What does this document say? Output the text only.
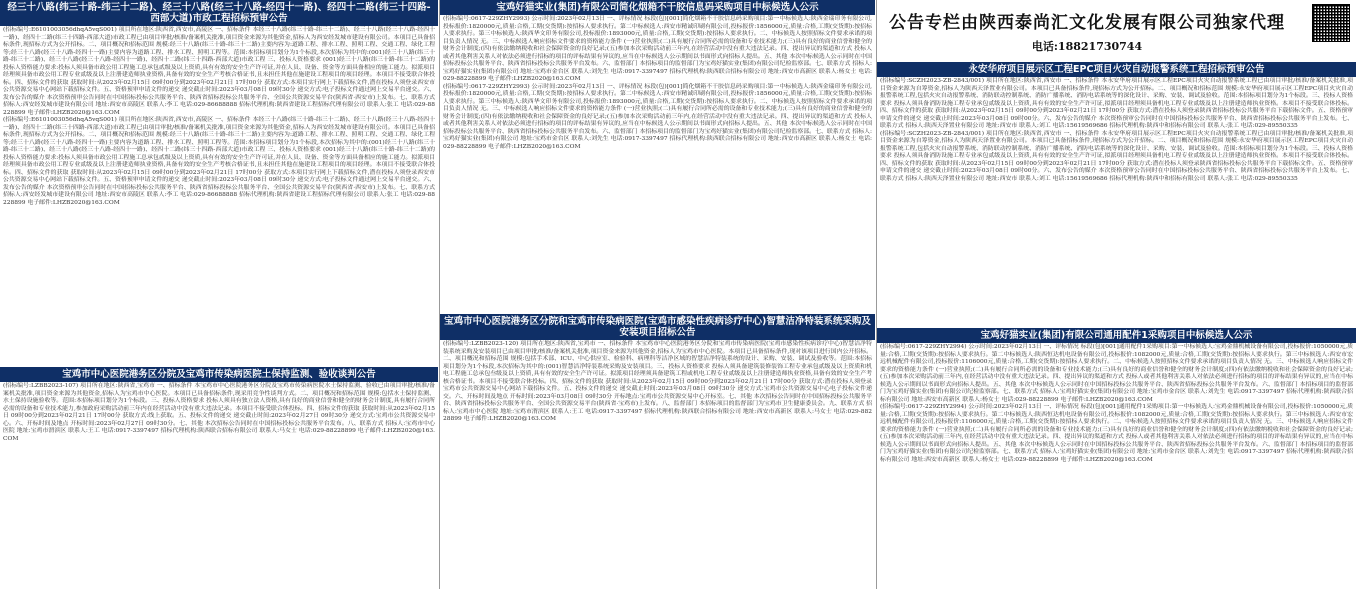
经三十八路(纬三十路-纬三十二路)、经三十八路(经三十八路-经四十一路)、经四十二路(纬三十四路-西部大道)市政工程招标预审公告

(招标编号:E6101003056dhqA5vqS001) 项目所在地区:陕西省,西安市,高陵区 一、招标条件 本经三十八路(纬三十路-纬三十二路)、经三十八路(经三十八路-经四十一路)、经四十二路(纬三十四路-西部大道)市政工程已由项目审批/核准/备案机关批准,项目资金来源为其他资金,招标人为西安经发城市建设有限公司。本项目已具备招标条件,现招标方式为公开招标。二、项目概况和招标范围 规模:经三十八路(纬三十路-纬三十二路)主要内容为:道路工程、排水工程、照明工程、交通工程、绿化工程等;经三十八路(经三十八路-经四十一路)主要内容为道路工程、排水工程、照明工程等。范围:本招标项目划分为1个标段,本次招标为其中的:(001)经三十八路(纬三十路-纬三十二路)、经三十八路(经三十八路-经四十一路)、经四十二路(纬三十四路-西部大道)市政工程 三、投标人资格要求 (001)经三十八路(纬三十路-纬三十二路)的投标人资格能力要求:投标人须具备市政公用工程施工总承包贰级及以上资质,具有有效的安全生产许可证,并在人员、设备、资金等方面具备相应的施工能力。拟派项目经理须具备市政公用工程专业贰级及以上注册建造师执业资格,具备有效的安全生产考核合格证书,且未担任其他在施建设工程项目的项目经理。本项目不接受联合体投标。四、招标文件的获取 获取时间:从2023年02月15日 09时00分到2023年02月21日 17时00分 获取方式:本项目实行网上下载招标文件,潜在投标人须登录西安市公共资源交易中心网站下载招标文件。五、资格预审申请文件的递交 递交截止时间:2023年03月08日 09时30分 递交方式:电子投标文件通过网上交易平台递交。六、发布公告的媒介 本次资格预审公告同时在中国招标投标公共服务平台、陕西省招标投标公共服务平台、全国公共资源交易平台(陕西省·西安市)上发布。七、联系方式 招标人:西安经发城市建设有限公司 地址:西安市高陵区 联系人:李工 电话:029-86688888 招标代理机构:陕西省建设工程招标代理有限公司 联系人:张工 电话:029-88228899 电子邮件:LHZB2020@163.COM

(招标编号:E6101003056dhqA5vqS001) 项目所在地区:陕西省,西安市,高陵区 一、招标条件 本经三十八路(纬三十路-纬三十二路)、经三十八路(经三十八路-经四十一路)、经四十二路(纬三十四路-西部大道)市政工程已由项目审批/核准/备案机关批准,项目资金来源为其他资金,招标人为西安经发城市建设有限公司。本项目已具备招标条件,现招标方式为公开招标。二、项目概况和招标范围 规模:经三十八路(纬三十路-纬三十二路)主要内容为:道路工程、排水工程、照明工程、交通工程、绿化工程等;经三十八路(经三十八路-经四十一路)主要内容为道路工程、排水工程、照明工程等。范围:本招标项目划分为1个标段,本次招标为其中的:(001)经三十八路(纬三十路-纬三十二路)、经三十八路(经三十八路-经四十一路)、经四十二路(纬三十四路-西部大道)市政工程 三、投标人资格要求 (001)经三十八路(纬三十路-纬三十二路)的投标人资格能力要求:投标人须具备市政公用工程施工总承包贰级及以上资质,具有有效的安全生产许可证,并在人员、设备、资金等方面具备相应的施工能力。拟派项目经理须具备市政公用工程专业贰级及以上注册建造师执业资格,具备有效的安全生产考核合格证书,且未担任其他在施建设工程项目的项目经理。本项目不接受联合体投标。四、招标文件的获取 获取时间:从2023年02月15日 09时00分到2023年02月21日 17时00分 获取方式:本项目实行网上下载招标文件,潜在投标人须登录西安市公共资源交易中心网站下载招标文件。五、资格预审申请文件的递交 递交截止时间:2023年03月08日 09时30分 递交方式:电子投标文件通过网上交易平台递交。六、发布公告的媒介 本次资格预审公告同时在中国招标投标公共服务平台、陕西省招标投标公共服务平台、全国公共资源交易平台(陕西省·西安市)上发布。七、联系方式 招标人:西安经发城市建设有限公司 地址:西安市高陵区 联系人:李工 电话:029-86688888 招标代理机构:陕西省建设工程招标代理有限公司 联系人:张工 电话:029-88228899 电子邮件:LHZB2020@163.COM

宝鸡市中心医院港务区分院及宝鸡市传染病医院土保持监测、验收谈判公告

(招标编号:LZBB2023-107) 项目所在地区:陕西省,宝鸡市 一、招标条件 本宝鸡市中心医院港务区分院及宝鸡市传染病医院水土保持监测、验收已由项目审批/核准/备案机关批准,项目资金来源为其他资金,招标人为宝鸡市中心医院。本项目已具备招标条件,现采用竞争性谈判方式。二、项目概况和招标范围 规模:包括水土保持监测、水土保持设施验收等。范围:本招标项目划分为1个标段。三、投标人资格要求 投标人须具有独立法人资格,具有良好的商业信誉和健全的财务会计制度,具有履行合同所必需的设备和专业技术能力,参加政府采购活动前三年内在经营活动中没有重大违法记录。本项目不接受联合体投标。四、招标文件的获取 获取时间:从2023年02月15日 09时00分到2023年02月21日 17时00分 获取方式:线上获取。五、投标文件的递交 递交截止时间:2023年02月27日 09时30分 递交方式:宝鸡市公共资源交易中心。六、开标时间及地点 开标时间:2023年02月27日 09时30分。七、其他 本次招标公告同时在中国招标投标公共服务平台发布。八、联系方式 招标人:宝鸡市中心医院 地址:宝鸡市渭滨区 联系人:王工 电话:0917-3397497 招标代理机构:陕西联合招标有限公司 联系人:马女士 电话:029-88228899 电子邮件:LHZB2020@163.COM

宝鸡好猫实业(集团)有限公司简化烟箱不干胶信息码采购项目中标候选人公示

(招标编号:0617-229ZHY2993) 公示时间:2023年02月13日 一、评标情况 标段(包)[001]简化烟箱不干胶信息码采购项目:第一中标候选人:陕西金瑞印务有限公司,投标报价:1820000元,质量:合格,工期(交货期):按招标人要求执行。第二中标候选人:西安市精诚印刷有限公司,投标报价:1856000元,质量:合格,工期(交货期):按招标人要求执行。第三中标候选人:陕西华文印务有限公司,投标报价:1893000元,质量:合格,工期(交货期):按招标人要求执行。二、中标候选人按照招标文件要求承诺的项目负责人情况 无。三、中标候选人响应招标文件要求的资格能力条件 (一)营业执照;(二)具有履行合同所必需的设备和专业技术能力;(三)具有良好的商业信誉和健全的财务会计制度;(四)有依法缴纳税收和社会保障资金的良好记录;(五)参加本次采购活动前三年内,在经营活动中没有重大违法记录。四、提出异议的渠道和方式 投标人或者其他利害关系人对依法必须进行招标的项目的评标结果有异议的,应当在中标候选人公示期间以书面形式向招标人提出。五、其他 本次中标候选人公示同时在中国招标投标公共服务平台、陕西省招标投标公共服务平台发布。六、监督部门 本招标项目的监督部门为宝鸡好猫实业(集团)有限公司纪检监察部。七、联系方式 招标人:宝鸡好猫实业(集团)有限公司 地址:宝鸡市金台区 联系人:刘先生 电话:0917-3397497 招标代理机构:陕西联合招标有限公司 地址:西安市高新区 联系人:杨女士 电话:029-88228899 电子邮件:LHZB2020@163.COM

(招标编号:0617-229ZHY2993) 公示时间:2023年02月13日 一、评标情况 标段(包)[001]简化烟箱不干胶信息码采购项目:第一中标候选人:陕西金瑞印务有限公司,投标报价:1820000元,质量:合格,工期(交货期):按招标人要求执行。第二中标候选人:西安市精诚印刷有限公司,投标报价:1856000元,质量:合格,工期(交货期):按招标人要求执行。第三中标候选人:陕西华文印务有限公司,投标报价:1893000元,质量:合格,工期(交货期):按招标人要求执行。二、中标候选人按照招标文件要求承诺的项目负责人情况 无。三、中标候选人响应招标文件要求的资格能力条件 (一)营业执照;(二)具有履行合同所必需的设备和专业技术能力;(三)具有良好的商业信誉和健全的财务会计制度;(四)有依法缴纳税收和社会保障资金的良好记录;(五)参加本次采购活动前三年内,在经营活动中没有重大违法记录。四、提出异议的渠道和方式 投标人或者其他利害关系人对依法必须进行招标的项目的评标结果有异议的,应当在中标候选人公示期间以书面形式向招标人提出。五、其他 本次中标候选人公示同时在中国招标投标公共服务平台、陕西省招标投标公共服务平台发布。六、监督部门 本招标项目的监督部门为宝鸡好猫实业(集团)有限公司纪检监察部。七、联系方式 招标人:宝鸡好猫实业(集团)有限公司 地址:宝鸡市金台区 联系人:刘先生 电话:0917-3397497 招标代理机构:陕西联合招标有限公司 地址:西安市高新区 联系人:杨女士 电话:029-88228899 电子邮件:LHZB2020@163.COM

宝鸡市中心医院港务区分院和宝鸡市传染病医院(宝鸡市感染性疾病诊疗中心)智慧洁净特装系统采购及安装项目招标公告

(招标编号:LZBB2023-120) 项目所在地区:陕西省,宝鸡市 一、招标条件 本宝鸡市中心医院港务区分院和宝鸡市传染病医院(宝鸡市感染性疾病诊疗中心)智慧洁净特装系统采购及安装项目已由项目审批/核准/备案机关批准,项目资金来源为其他资金,招标人为宝鸡市中心医院。本项目已具备招标条件,现对该项目进行国内公开招标。二、项目概况和招标范围 规模:包括手术部、ICU、中心供应室、检验科、病理科等洁净区域的智慧洁净特装系统的设计、采购、安装、调试及验收等。范围:本招标项目划分为1个标段,本次招标为其中的:(001)智慧洁净特装系统采购及安装项目。三、投标人资格要求 投标人须具备建筑装修装饰工程专业承包贰级及以上资质和机电工程施工总承包叁级及以上资质,具有有效的安全生产许可证。拟派项目经理须具备建筑工程或机电工程专业贰级及以上注册建造师执业资格,具备有效的安全生产考核合格证书。本项目不接受联合体投标。四、招标文件的获取 获取时间:从2023年02月15日 09时00分到2023年02月21日 17时00分 获取方式:潜在投标人须登录宝鸡市公共资源交易中心网站下载招标文件。五、投标文件的递交 递交截止时间:2023年03月08日 09时30分 递交方式:宝鸡市公共资源交易中心电子投标文件递交。六、开标时间及地点 开标时间:2023年03月08日 09时30分 开标地点:宝鸡市公共资源交易中心开标室。七、其他 本次招标公告同时在中国招标投标公共服务平台、陕西省招标投标公共服务平台、全国公共资源交易平台(陕西省·宝鸡市)上发布。八、监督部门 本招标项目的监督部门为宝鸡市卫生健康委员会。九、联系方式 招标人:宝鸡市中心医院 地址:宝鸡市渭滨区 联系人:王工 电话:0917-3397497 招标代理机构:陕西联合招标有限公司 地址:西安市高新区 联系人:马女士 电话:029-88228899 电子邮件:LHZB2020@163.COM

公告专栏由陕西泰尚汇文化发展有限公司独家代理
电话:18821730744
永安华府项目展示区工程EPC项目火灾自动报警系统工程招标预审公告

(招标编号:SCZH2023-ZB-2843/001) 项目所在地区:陕西省,西安市 一、招标条件 本永安华府项目展示区工程EPC项目火灾自动报警系统工程已由项目审批/核准/备案机关批准,项目资金来源为自筹资金,招标人为陕西天泽置业有限公司。本项目已具备招标条件,现招标方式为公开招标。二、项目概况和招标范围 规模:永安华府项目展示区工程EPC项目火灾自动报警系统工程,包括火灾自动报警系统、消防联动控制系统、消防广播系统、消防电话系统等的深化设计、采购、安装、调试及验收。范围:本招标项目划分为1个标段。三、投标人资格要求 投标人须具备消防设施工程专业承包贰级及以上资质,具有有效的安全生产许可证,拟派项目经理须具备机电工程专业贰级及以上注册建造师执业资格。本项目不接受联合体投标。四、招标文件的获取 获取时间:从2023年02月15日 09时00分到2023年02月21日 17时00分 获取方式:潜在投标人须登录陕西省招标投标公共服务平台下载招标文件。五、资格预审申请文件的递交 递交截止时间:2023年03月08日 09时00分。六、发布公告的媒介 本次资格预审公告同时在中国招标投标公共服务平台、陕西省招标投标公共服务平台上发布。七、联系方式 招标人:陕西天泽置业有限公司 地址:西安市 联系人:刘工 电话:15619569686 招标代理机构:陕西中和招标有限公司 联系人:张工 电话:029-89550335

(招标编号:SCZH2023-ZB-2843/001) 项目所在地区:陕西省,西安市 一、招标条件 本永安华府项目展示区工程EPC项目火灾自动报警系统工程已由项目审批/核准/备案机关批准,项目资金来源为自筹资金,招标人为陕西天泽置业有限公司。本项目已具备招标条件,现招标方式为公开招标。二、项目概况和招标范围 规模:永安华府项目展示区工程EPC项目火灾自动报警系统工程,包括火灾自动报警系统、消防联动控制系统、消防广播系统、消防电话系统等的深化设计、采购、安装、调试及验收。范围:本招标项目划分为1个标段。三、投标人资格要求 投标人须具备消防设施工程专业承包贰级及以上资质,具有有效的安全生产许可证,拟派项目经理须具备机电工程专业贰级及以上注册建造师执业资格。本项目不接受联合体投标。四、招标文件的获取 获取时间:从2023年02月15日 09时00分到2023年02月21日 17时00分 获取方式:潜在投标人须登录陕西省招标投标公共服务平台下载招标文件。五、资格预审申请文件的递交 递交截止时间:2023年03月08日 09时00分。六、发布公告的媒介 本次资格预审公告同时在中国招标投标公共服务平台、陕西省招标投标公共服务平台上发布。七、联系方式 招标人:陕西天泽置业有限公司 地址:西安市 联系人:刘工 电话:15619569686 招标代理机构:陕西中和招标有限公司 联系人:张工 电话:029-89550335

宝鸡好猫实业(集团)有限公司通用配件1采购项目中标候选人公示

(招标编号:0617-229ZHY2994) 公示时间:2023年02月13日 一、评标情况 标段(包)[001]通用配件1采购项目:第一中标候选人:宝鸡金鼎机械设备有限公司,投标报价:1050000元,质量:合格,工期(交货期):按招标人要求执行。第二中标候选人:陕西恒达机电设备有限公司,投标报价:1082000元,质量:合格,工期(交货期):按招标人要求执行。第三中标候选人:西安市宏远机械配件有限公司,投标报价:1106000元,质量:合格,工期(交货期):按招标人要求执行。二、中标候选人按照招标文件要求承诺的项目负责人情况 无。三、中标候选人响应招标文件要求的资格能力条件 (一)营业执照;(二)具有履行合同所必需的设备和专业技术能力;(三)具有良好的商业信誉和健全的财务会计制度;(四)有依法缴纳税收和社会保障资金的良好记录;(五)参加本次采购活动前三年内,在经营活动中没有重大违法记录。四、提出异议的渠道和方式 投标人或者其他利害关系人对依法必须进行招标的项目的评标结果有异议的,应当在中标候选人公示期间以书面形式向招标人提出。五、其他 本次中标候选人公示同时在中国招标投标公共服务平台、陕西省招标投标公共服务平台发布。六、监督部门 本招标项目的监督部门为宝鸡好猫实业(集团)有限公司纪检监察部。七、联系方式 招标人:宝鸡好猫实业(集团)有限公司 地址:宝鸡市金台区 联系人:刘先生 电话:0917-3397497 招标代理机构:陕西联合招标有限公司 地址:西安市高新区 联系人:杨女士 电话:029-88228899 电子邮件:LHZB2020@163.COM

(招标编号:0617-229ZHY2994) 公示时间:2023年02月13日 一、评标情况 标段(包)[001]通用配件1采购项目:第一中标候选人:宝鸡金鼎机械设备有限公司,投标报价:1050000元,质量:合格,工期(交货期):按招标人要求执行。第二中标候选人:陕西恒达机电设备有限公司,投标报价:1082000元,质量:合格,工期(交货期):按招标人要求执行。第三中标候选人:西安市宏远机械配件有限公司,投标报价:1106000元,质量:合格,工期(交货期):按招标人要求执行。二、中标候选人按照招标文件要求承诺的项目负责人情况 无。三、中标候选人响应招标文件要求的资格能力条件 (一)营业执照;(二)具有履行合同所必需的设备和专业技术能力;(三)具有良好的商业信誉和健全的财务会计制度;(四)有依法缴纳税收和社会保障资金的良好记录;(五)参加本次采购活动前三年内,在经营活动中没有重大违法记录。四、提出异议的渠道和方式 投标人或者其他利害关系人对依法必须进行招标的项目的评标结果有异议的,应当在中标候选人公示期间以书面形式向招标人提出。五、其他 本次中标候选人公示同时在中国招标投标公共服务平台、陕西省招标投标公共服务平台发布。六、监督部门 本招标项目的监督部门为宝鸡好猫实业(集团)有限公司纪检监察部。七、联系方式 招标人:宝鸡好猫实业(集团)有限公司 地址:宝鸡市金台区 联系人:刘先生 电话:0917-3397497 招标代理机构:陕西联合招标有限公司 地址:西安市高新区 联系人:杨女士 电话:029-88228899 电子邮件:LHZB2020@163.COM
